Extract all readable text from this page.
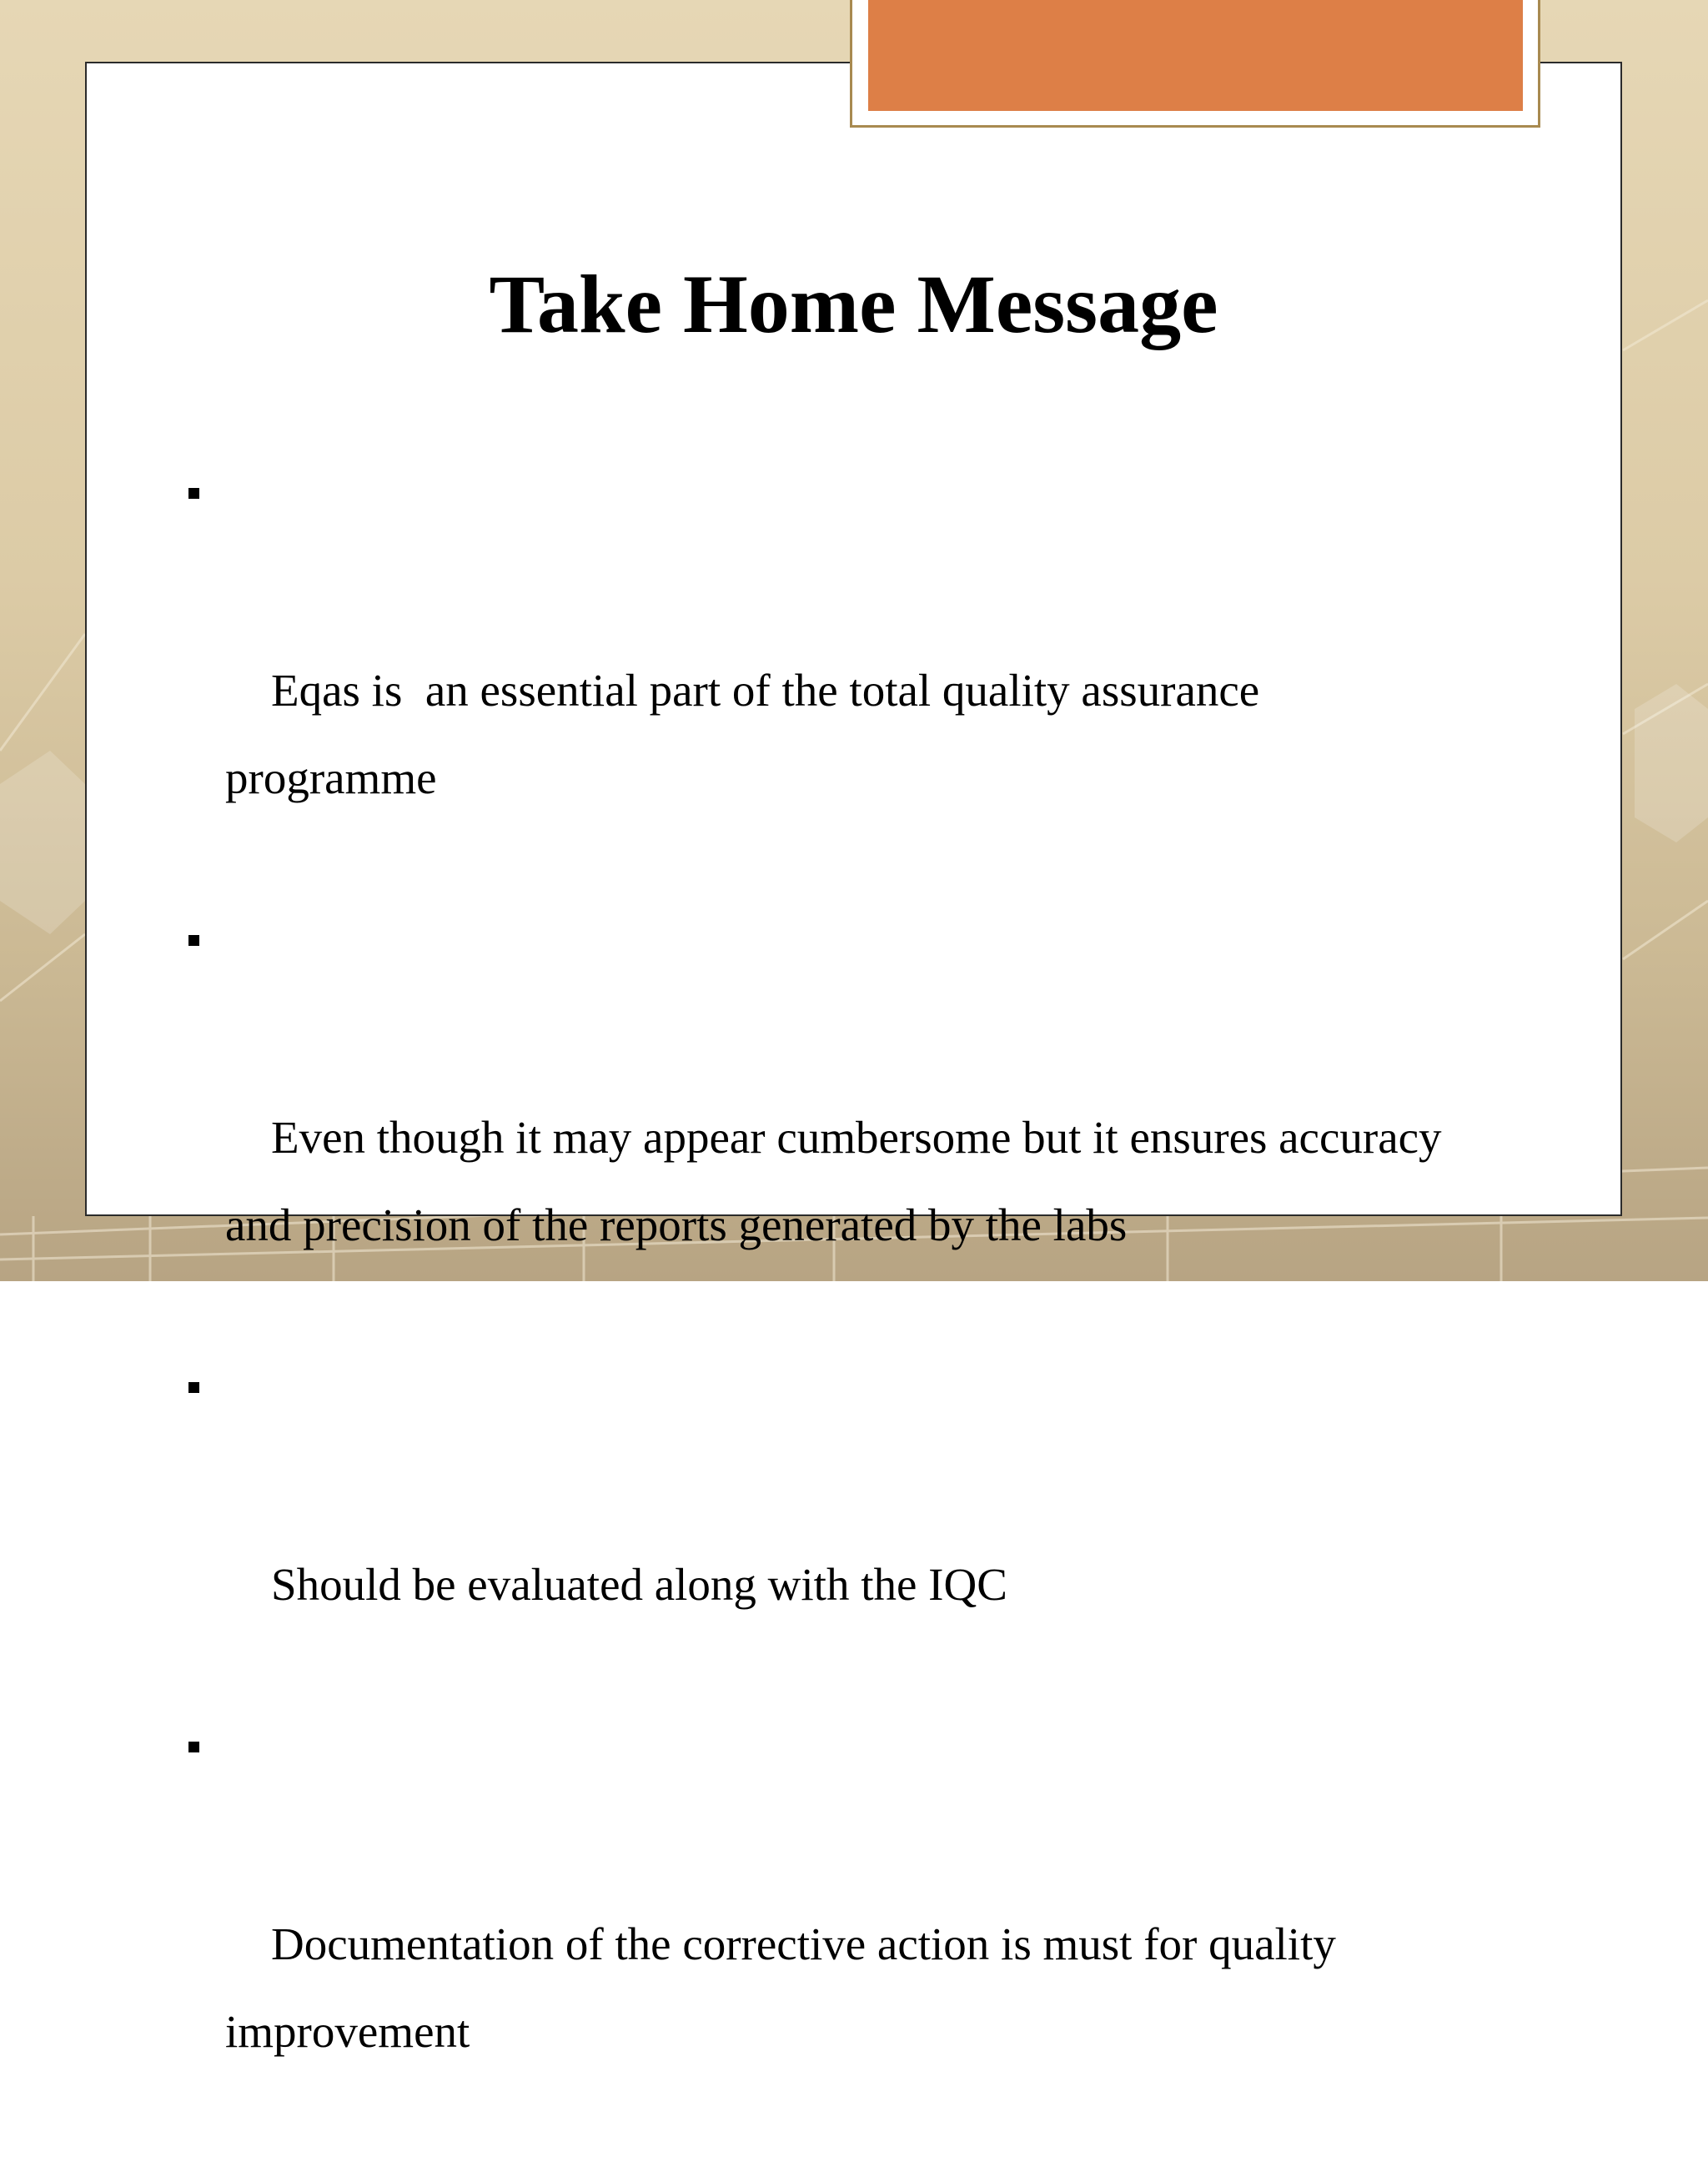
Take Home Message

Eqas is  an essential part of the total quality assurance programme

Even though it may appear cumbersome but it ensures accuracy and precision of the reports generated by the labs

Should be evaluated along with the IQC

Documentation of the corrective action is must for quality improvement
